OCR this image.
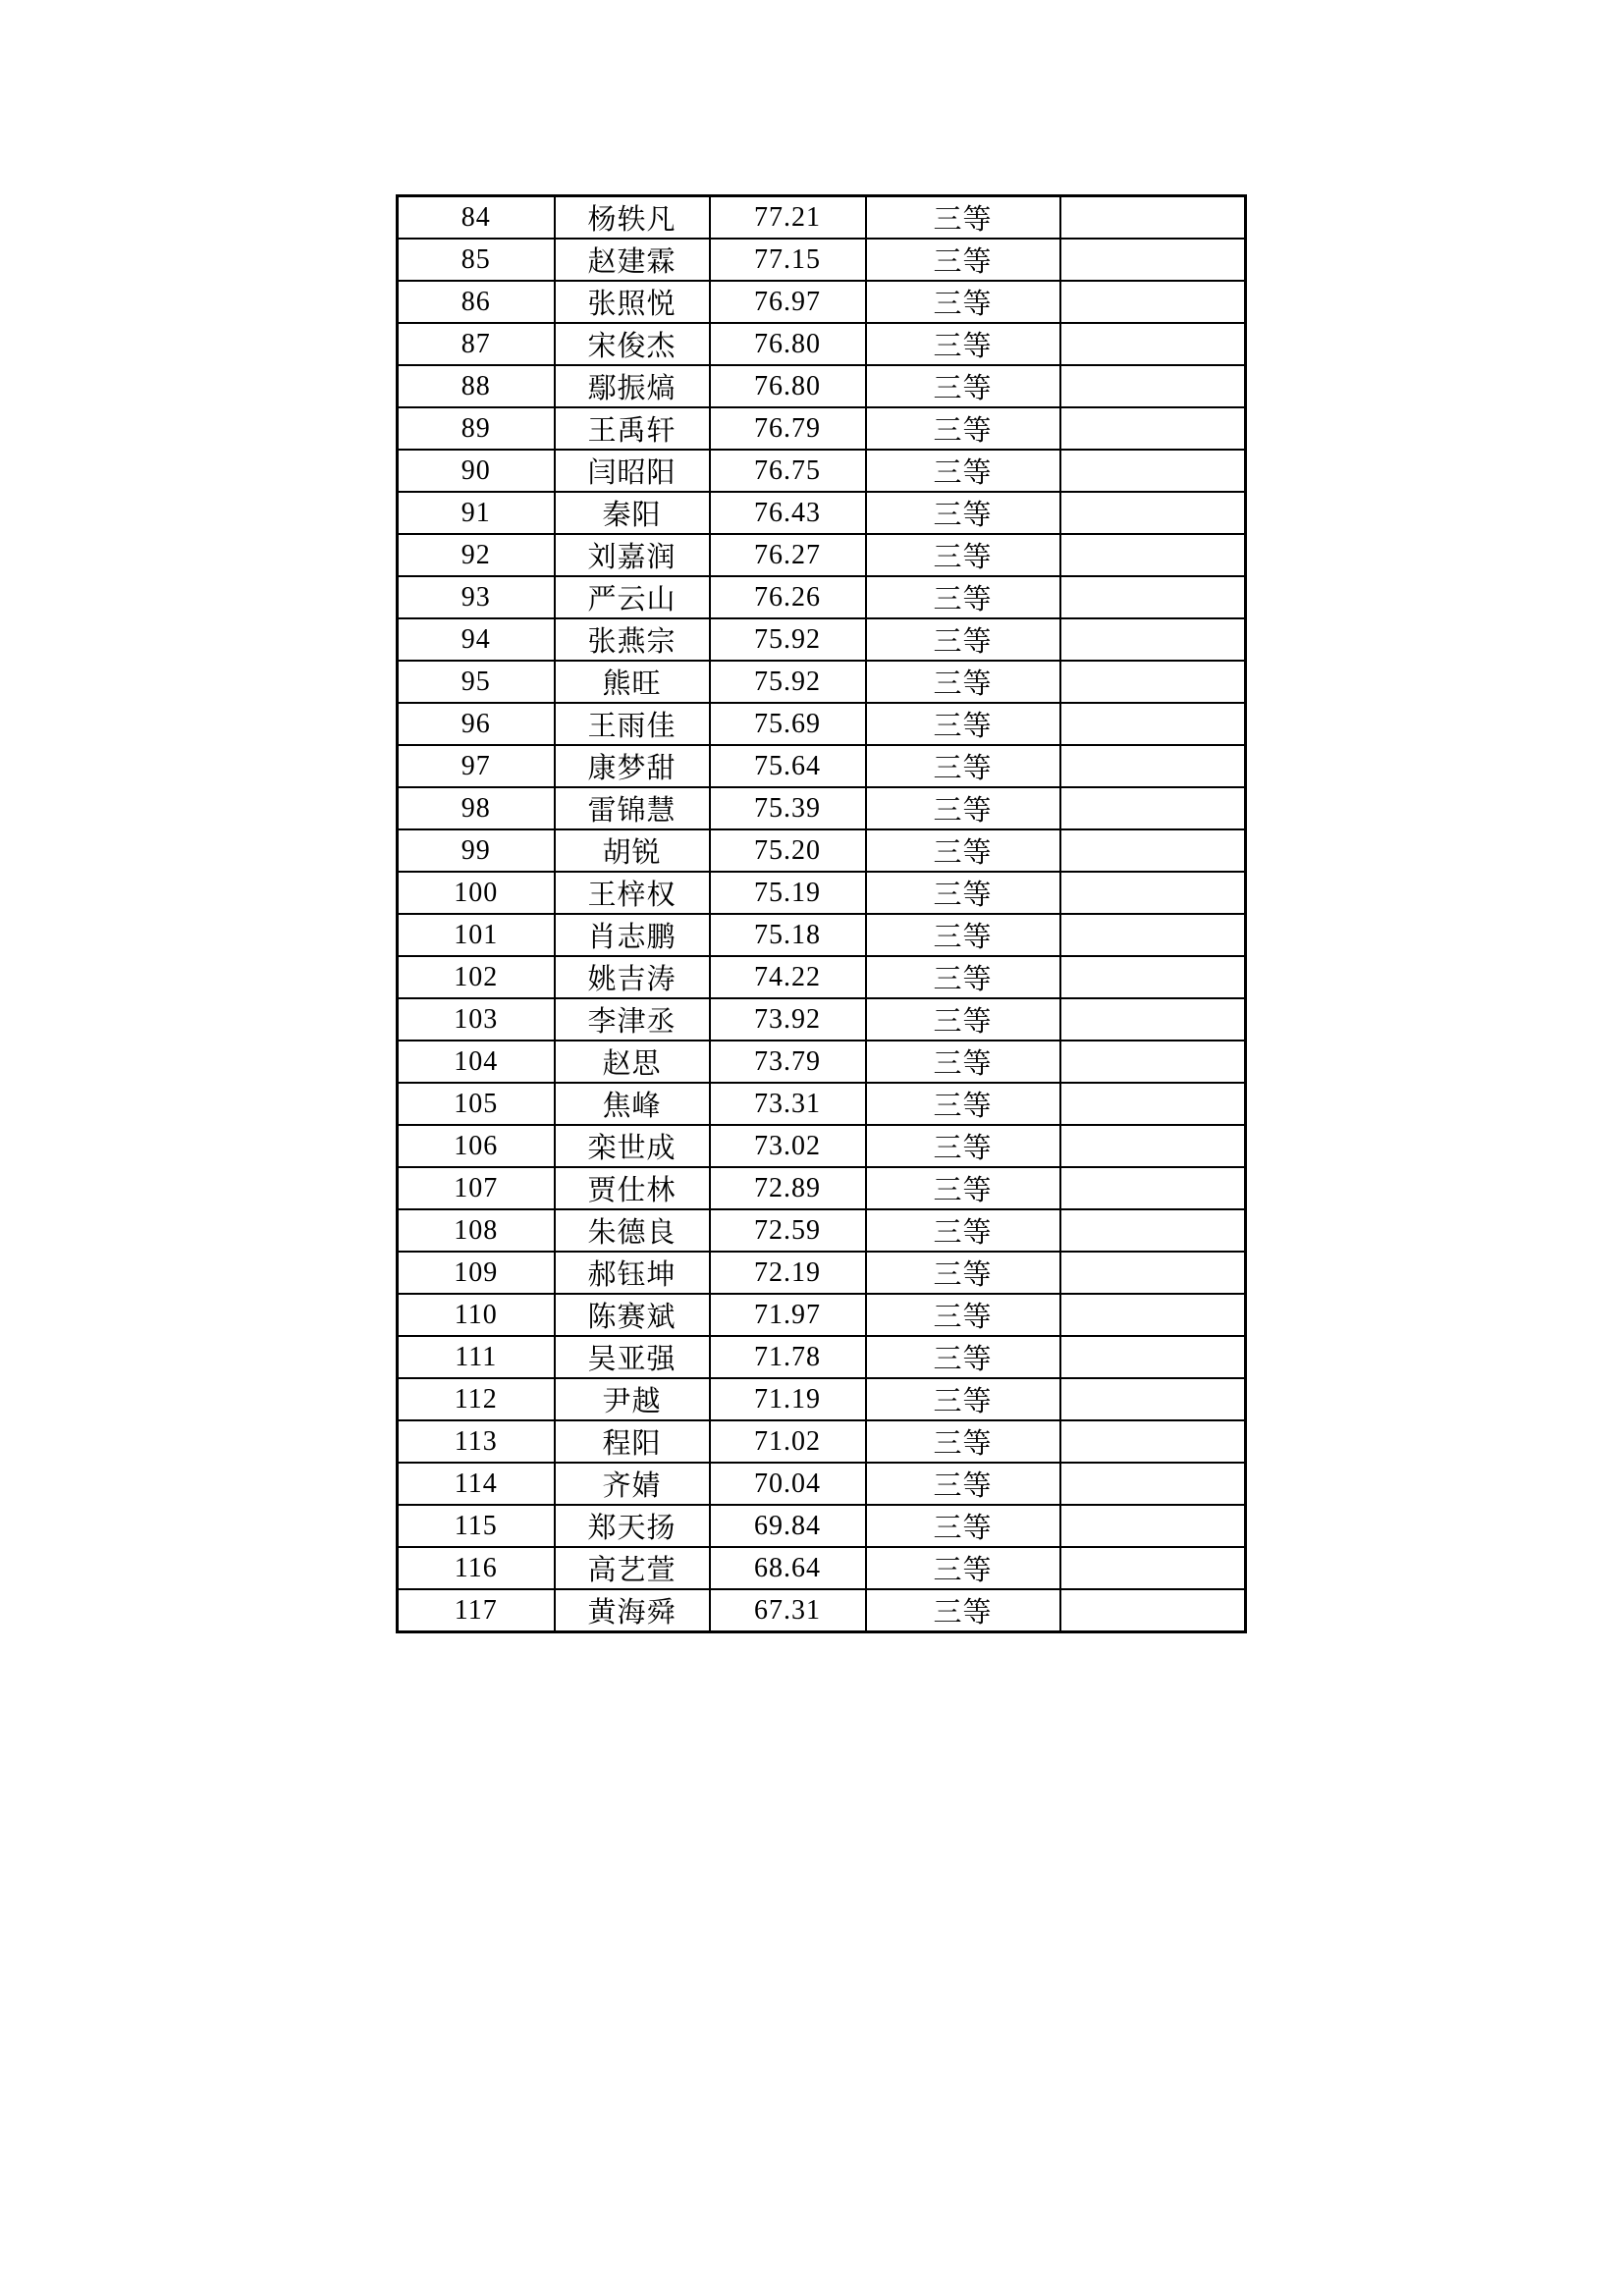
84	杨轶凡	77.21	三等	
85	赵建霖	77.15	三等	
86	张照悦	76.97	三等	
87	宋俊杰	76.80	三等	
88	鄢振熇	76.80	三等	
89	王禹轩	76.79	三等	
90	闫昭阳	76.75	三等	
91	秦阳	76.43	三等	
92	刘嘉润	76.27	三等	
93	严云山	76.26	三等	
94	张燕宗	75.92	三等	
95	熊旺	75.92	三等	
96	王雨佳	75.69	三等	
97	康梦甜	75.64	三等	
98	雷锦慧	75.39	三等	
99	胡锐	75.20	三等	
100	王梓权	75.19	三等	
101	肖志鹏	75.18	三等	
102	姚吉涛	74.22	三等	
103	李津丞	73.92	三等	
104	赵思	73.79	三等	
105	焦峰	73.31	三等	
106	栾世成	73.02	三等	
107	贾仕林	72.89	三等	
108	朱德良	72.59	三等	
109	郝钰坤	72.19	三等	
110	陈赛斌	71.97	三等	
111	吴亚强	71.78	三等	
112	尹越	71.19	三等	
113	程阳	71.02	三等	
114	齐婧	70.04	三等	
115	郑天扬	69.84	三等	
116	高艺萱	68.64	三等	
117	黄海舜	67.31	三等	
